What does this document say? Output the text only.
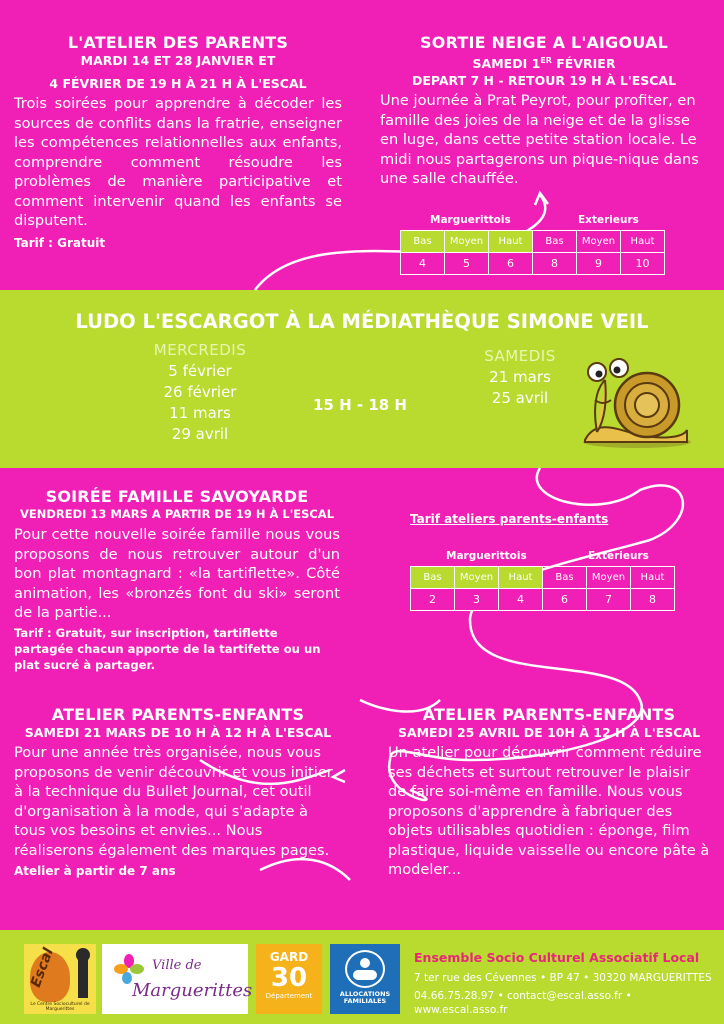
L'ATELIER DES PARENTS
MARDI 14 ET 28 JANVIER ET
4 FÉVRIER DE 19 H À 21 H À L'ESCAL
Trois soirées pour apprendre à décoder les sources de conflits dans la fratrie, enseigner les compétences relationnelles aux enfants, comprendre comment résoudre les problèmes de manière participative et comment intervenir quand les enfants se disputent.
Tarif : Gratuit
SORTIE NEIGE A L'AIGOUAL
SAMEDI 1ER FÉVRIER
DEPART 7 H - RETOUR 19 H À L'ESCAL
Une journée à Prat Peyrot, pour profiter, en famille des joies de la neige et de la glisse en luge, dans cette petite station locale. Le midi nous partagerons un pique-nique dans une salle chauffée.
Marguerittois	Exterieurs
Bas	Moyen	Haut	Bas	Moyen	Haut
4	5	6	8	9	10
LUDO L'ESCARGOT À LA MÉDIATHÈQUE SIMONE VEIL
MERCREDIS
5 février
26 février
11 mars
29 avril
15 H - 18 H
SAMEDIS
21 mars
25 avril
SOIRÉE FAMILLE SAVOYARDE
VENDREDI 13 MARS A PARTIR DE 19 H À L'ESCAL
Pour cette nouvelle soirée famille nous vous proposons de nous retrouver autour d'un bon plat montagnard : «la tartiflette». Côté animation, les «bronzés font du ski» seront de la partie...
Tarif : Gratuit, sur inscription, tartiflette partagée chacun apporte de la tartifette ou un plat sucré à partager.
Tarif ateliers parents-enfants
Marguerittois	Exterieurs
Bas	Moyen	Haut	Bas	Moyen	Haut
2	3	4	6	7	8
ATELIER PARENTS-ENFANTS
SAMEDI 21 MARS DE 10 H À 12 H À L'ESCAL
Pour une année très organisée, nous vous proposons de venir découvrir et vous initier à la technique du Bullet Journal, cet outil d'organisation à la mode, qui s'adapte à tous vos besoins et envies... Nous réaliserons également des marques pages.
Atelier à partir de 7 ans
ATELIER PARENTS-ENFANTS
SAMEDI 25 AVRIL DE 10H À 12 H À L'ESCAL
Un atelier pour découvrir comment réduire ses déchets et surtout retrouver le plaisir de faire soi-même en famille. Nous vous proposons d'apprendre à fabriquer des objets utilisables quotidien : éponge, film plastique, liquide vaisselle ou encore pâte à modeler...
Escal
Le Centre Socioculturel de Marguerittes
Ville de
Marguerittes
GARD
30
Département	ALLOCATIONS FAMILIALES
Ensemble Socio Culturel Associatif Local
7 ter rue des Cévennes • BP 47 • 30320 MARGUERITTES
04.66.75.28.97 • contact@escal.asso.fr • www.escal.asso.fr
